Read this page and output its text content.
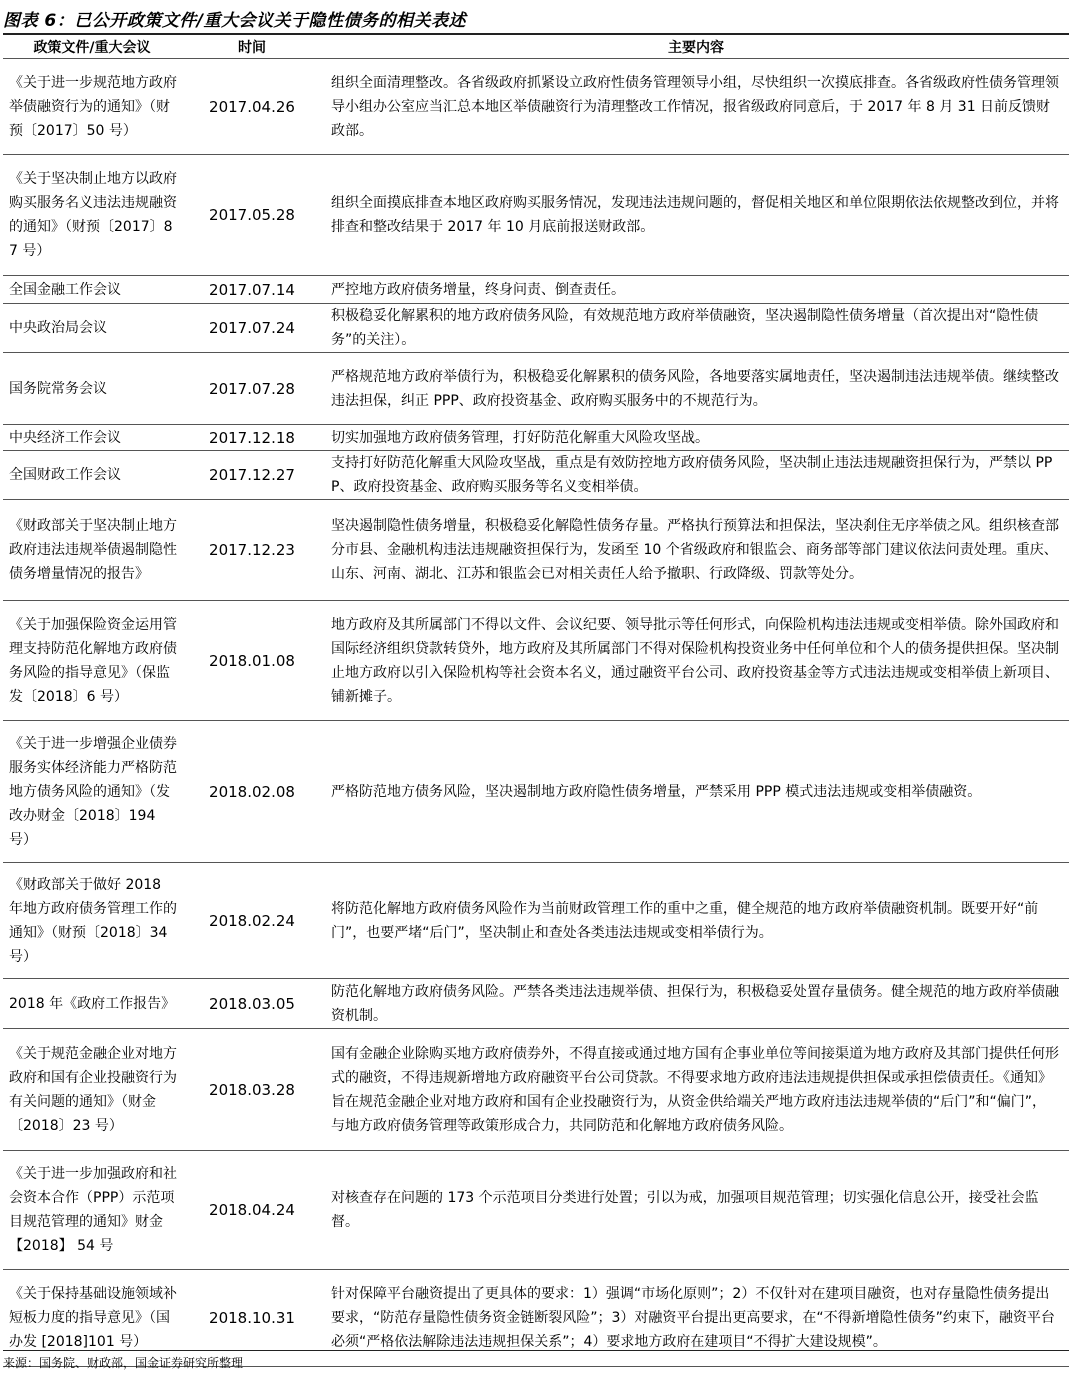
图表 6：已公开政策文件/重大会议关于隐性债务的相关表述
政策文件/重大会议	时间	主要内容
《关于进一步规范地方政府举债融资行为的通知》（财预〔2017〕50 号）	2017.04.26	组织全面清理整改。各省级政府抓紧设立政府性债务管理领导小组，尽快组织一次摸底排查。各省级政府性债务管理领导小组办公室应当汇总本地区举债融资行为清理整改工作情况，报省级政府同意后，于 2017 年 8 月 31 日前反馈财政部。
《关于坚决制止地方以政府购买服务名义违法违规融资的通知》（财预〔2017〕87 号）	2017.05.28	组织全面摸底排查本地区政府购买服务情况，发现违法违规问题的，督促相关地区和单位限期依法依规整改到位，并将排查和整改结果于 2017 年 10 月底前报送财政部。
全国金融工作会议	2017.07.14	严控地方政府债务增量，终身问责、倒查责任。
中央政治局会议	2017.07.24	积极稳妥化解累积的地方政府债务风险，有效规范地方政府举债融资，坚决遏制隐性债务增量（首次提出对“隐性债务”的关注）。
国务院常务会议	2017.07.28	严格规范地方政府举债行为，积极稳妥化解累积的债务风险，各地要落实属地责任，坚决遏制违法违规举债。继续整改违法担保，纠正 PPP、政府投资基金、政府购买服务中的不规范行为。
中央经济工作会议	2017.12.18	切实加强地方政府债务管理，打好防范化解重大风险攻坚战。
全国财政工作会议	2017.12.27	支持打好防范化解重大风险攻坚战，重点是有效防控地方政府债务风险，坚决制止违法违规融资担保行为，严禁以 PPP、政府投资基金、政府购买服务等名义变相举债。
《财政部关于坚决制止地方政府违法违规举债遏制隐性债务增量情况的报告》	2017.12.23	坚决遏制隐性债务增量，积极稳妥化解隐性债务存量。严格执行预算法和担保法，坚决刹住无序举债之风。组织核查部分市县、金融机构违法违规融资担保行为，发函至 10 个省级政府和银监会、商务部等部门建议依法问责处理。重庆、山东、河南、湖北、江苏和银监会已对相关责任人给予撤职、行政降级、罚款等处分。
《关于加强保险资金运用管理支持防范化解地方政府债务风险的指导意见》（保监发〔2018〕6 号）	2018.01.08	地方政府及其所属部门不得以文件、会议纪要、领导批示等任何形式，向保险机构违法违规或变相举债。除外国政府和国际经济组织贷款转贷外，地方政府及其所属部门不得对保险机构投资业务中任何单位和个人的债务提供担保。坚决制止地方政府以引入保险机构等社会资本名义，通过融资平台公司、政府投资基金等方式违法违规或变相举债上新项目、铺新摊子。
《关于进一步增强企业债券服务实体经济能力严格防范地方债务风险的通知》（发改办财金〔2018〕194 号）	2018.02.08	严格防范地方债务风险，坚决遏制地方政府隐性债务增量，严禁采用 PPP 模式违法违规或变相举债融资。
《财政部关于做好 2018 年地方政府债务管理工作的通知》（财预〔2018〕34 号）	2018.02.24	将防范化解地方政府债务风险作为当前财政管理工作的重中之重，健全规范的地方政府举债融资机制。既要开好“前门”，也要严堵“后门”，坚决制止和查处各类违法违规或变相举债行为。
2018 年《政府工作报告》	2018.03.05	防范化解地方政府债务风险。严禁各类违法违规举债、担保行为，积极稳妥处置存量债务。健全规范的地方政府举债融资机制。
《关于规范金融企业对地方政府和国有企业投融资行为有关问题的通知》（财金〔2018〕23 号）	2018.03.28	国有金融企业除购买地方政府债券外，不得直接或通过地方国有企事业单位等间接渠道为地方政府及其部门提供任何形式的融资，不得违规新增地方政府融资平台公司贷款。不得要求地方政府违法违规提供担保或承担偿债责任。《通知》旨在规范金融企业对地方政府和国有企业投融资行为，从资金供给端关严地方政府违法违规举债的“后门”和“偏门”，与地方政府债务管理等政策形成合力，共同防范和化解地方政府债务风险。
《关于进一步加强政府和社会资本合作（PPP）示范项目规范管理的通知》财金【2018】 54 号	2018.04.24	对核查存在问题的 173 个示范项目分类进行处置；引以为戒，加强项目规范管理；切实强化信息公开，接受社会监督。
《关于保持基础设施领域补短板力度的指导意见》（国办发 [2018]101 号）	2018.10.31	针对保障平台融资提出了更具体的要求：1）强调“市场化原则”；2）不仅针对在建项目融资，也对存量隐性债务提出要求，“防范存量隐性债务资金链断裂风险”；3）对融资平台提出更高要求，在“不得新增隐性债务”约束下，融资平台必须“严格依法解除违法违规担保关系”；4）要求地方政府在建项目“不得扩大建设规模”。
来源：国务院、财政部，国金证券研究所整理
